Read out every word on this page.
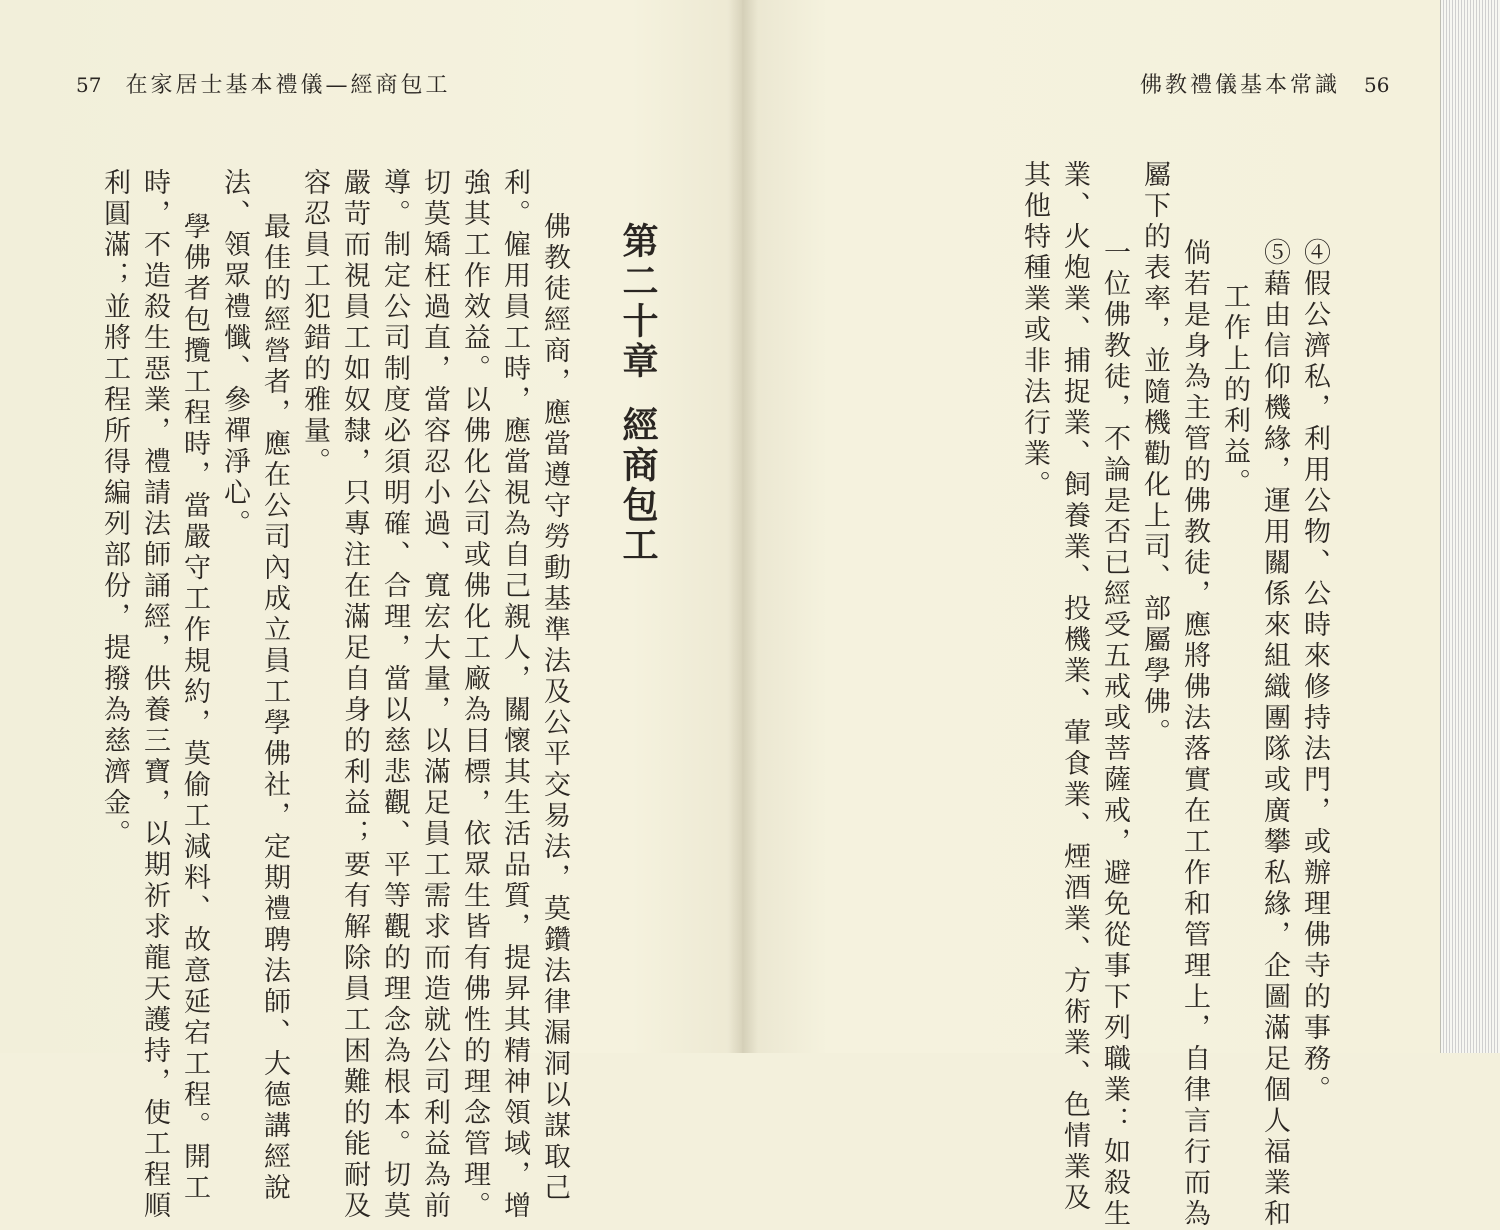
57 在家居士基本禮儀—經商包工	佛教禮儀基本常識 56
第二十章經商包工
佛教徒經商，應當遵守勞動基準法及公平交易法，莫鑽法律漏洞以謀取己
利。僱用員工時，應當視為自己親人，關懷其生活品質，提昇其精神領域，增
強其工作效益。以佛化公司或佛化工廠為目標，依眾生皆有佛性的理念管理。
切莫矯枉過直，當容忍小過、寬宏大量，以滿足員工需求而造就公司利益為前
導。制定公司制度必須明確、合理，當以慈悲觀、平等觀的理念為根本。切莫
嚴苛而視員工如奴隸，只專注在滿足自身的利益；要有解除員工困難的能耐及
容忍員工犯錯的雅量。
最佳的經營者，應在公司內成立員工學佛社，定期禮聘法師、大德講經說
法、領眾禮懺、參禪淨心。
學佛者包攬工程時，當嚴守工作規約，莫偷工減料、故意延宕工程。開工
時，不造殺生惡業，禮請法師誦經，供養三寶，以期祈求龍天護持，使工程順
利圓滿；並將工程所得編列部份，提撥為慈濟金。	④假公濟私，利用公物、公時來修持法門，或辦理佛寺的事務。
⑤藉由信仰機緣，運用關係來組織團隊或廣攀私緣，企圖滿足個人福業和
工作上的利益。
倘若是身為主管的佛教徒，應將佛法落實在工作和管理上，自律言行而為
屬下的表率，並隨機勸化上司、部屬學佛。
一位佛教徒，不論是否已經受五戒或菩薩戒，避免從事下列職業：如殺生
業、火炮業、捕捉業、飼養業、投機業、葷食業、煙酒業、方術業、色情業及
其他特種業或非法行業。
